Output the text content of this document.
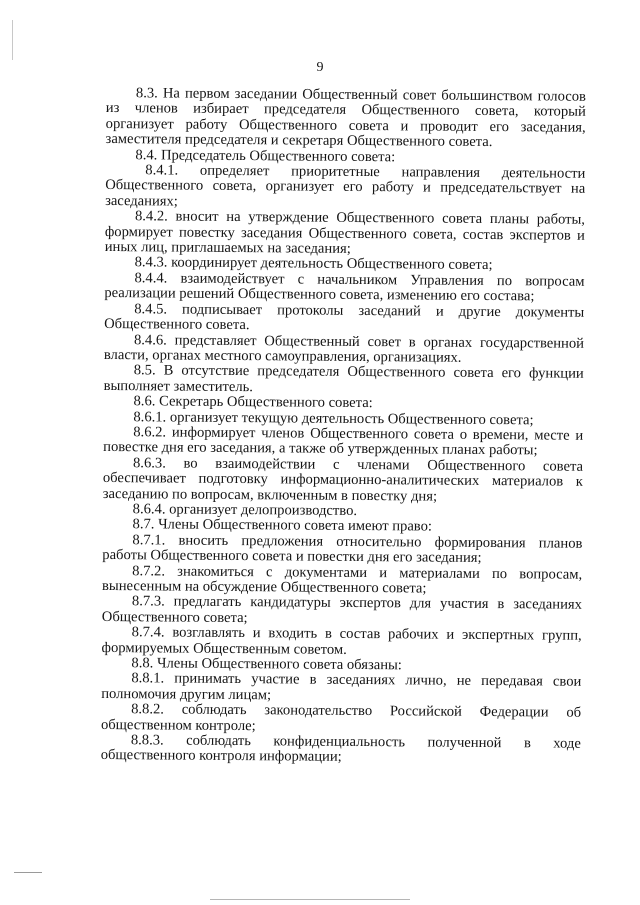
9

8.3. На первом заседании Общественный совет большинством голосов из членов избирает председателя Общественного совета, который организует работу Общественного совета и проводит его заседания, заместителя председателя и секретаря Общественного совета.

8.4. Председатель Общественного совета:

8.4.1. определяет приоритетные направления деятельности Общественного совета, организует его работу и председательствует на заседаниях;

8.4.2. вносит на утверждение Общественного совета планы работы, формирует повестку заседания Общественного совета, состав экспертов и иных лиц, приглашаемых на заседания;

8.4.3. координирует деятельность Общественного совета;

8.4.4. взаимодействует с начальником Управления по вопросам реализации решений Общественного совета, изменению его состава;

8.4.5. подписывает протоколы заседаний и другие документы Общественного совета.

8.4.6. представляет Общественный совет в органах государственной власти, органах местного самоуправления, организациях.

8.5. В отсутствие председателя Общественного совета его функции выполняет заместитель.

8.6. Секретарь Общественного совета:

8.6.1. организует текущую деятельность Общественного совета;

8.6.2. информирует членов Общественного совета о времени, месте и повестке дня его заседания, а также об утвержденных планах работы;

8.6.3. во взаимодействии с членами Общественного совета обеспечивает подготовку информационно-аналитических материалов к заседанию по вопросам, включенным в повестку дня;

8.6.4. организует делопроизводство.

8.7. Члены Общественного совета имеют право:

8.7.1. вносить предложения относительно формирования планов работы Общественного совета и повестки дня его заседания;

8.7.2. знакомиться с документами и материалами по вопросам, вынесенным на обсуждение Общественного совета;

8.7.3. предлагать кандидатуры экспертов для участия в заседаниях Общественного совета;

8.7.4. возглавлять и входить в состав рабочих и экспертных групп, формируемых Общественным советом.

8.8. Члены Общественного совета обязаны:

8.8.1. принимать участие в заседаниях лично, не передавая свои полномочия другим лицам;

8.8.2. соблюдать законодательство Российской Федерации об общественном контроле;

8.8.3. соблюдать конфиденциальность полученной в ходе общественного контроля информации;
